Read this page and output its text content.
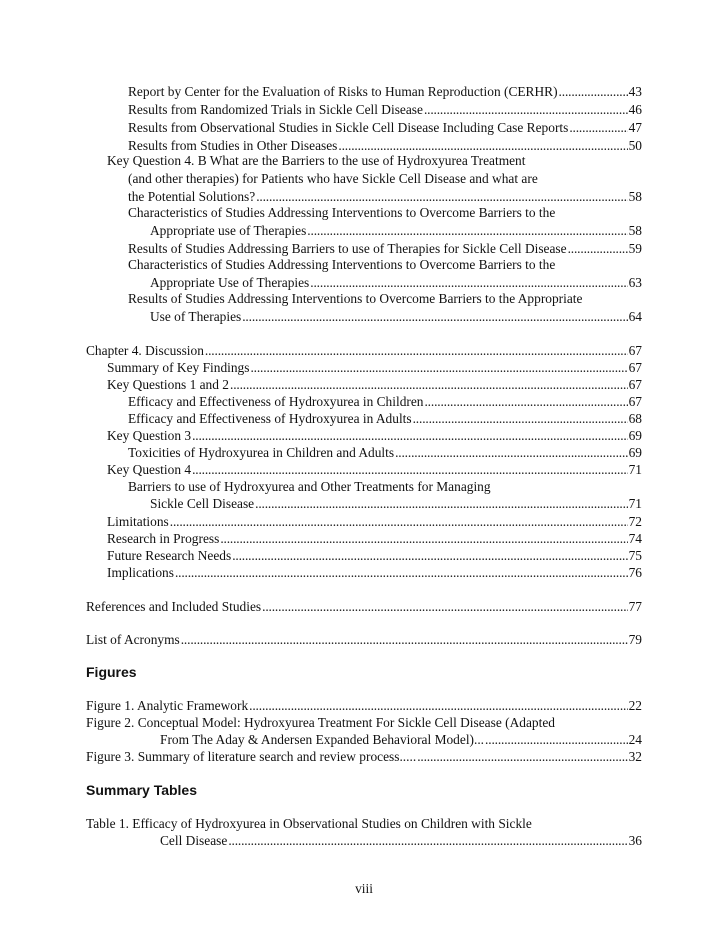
Report by Center for the Evaluation of Risks to Human Reproduction (CERHR) . . .	43
Results from Randomized Trials in Sickle Cell Disease . . .	46
Results from Observational Studies in Sickle Cell Disease Including Case Reports . . .	47
Results from Studies in Other Diseases . . .	50
Key Question 4. B What are the Barriers to the use of Hydroxyurea Treatment
(and other therapies) for Patients who have Sickle Cell Disease and what are
the Potential Solutions? . . .	58
Characteristics of Studies Addressing Interventions to Overcome Barriers to the
Appropriate use of Therapies . . .	58
Results of Studies Addressing Barriers to use of Therapies for Sickle Cell Disease . . .	59
Characteristics of Studies Addressing Interventions to Overcome Barriers to the
Appropriate Use of Therapies . . .	63
Results of Studies Addressing Interventions to Overcome Barriers to the Appropriate
Use of Therapies . . .	64
Chapter 4. Discussion . . .	67
Summary of Key Findings . . .	67
Key Questions 1 and 2 . . .	67
Efficacy and Effectiveness of Hydroxyurea in Children . . .	67
Efficacy and Effectiveness of Hydroxyurea in Adults . . .	68
Key Question 3 . . .	69
Toxicities of Hydroxyurea in Children and Adults . . .	69
Key Question 4 . . .	71
Barriers to use of Hydroxyurea and Other Treatments for Managing
Sickle Cell Disease . . .	71
Limitations . . .	72
Research in Progress . . .	74
Future Research Needs . . .	75
Implications . . .	76
References and Included Studies . . .	77
List of Acronyms . . .	79
Figures
Figure 1. Analytic Framework . . .	22
Figure 2. Conceptual Model: Hydroxyurea Treatment For Sickle Cell Disease (Adapted
From The Aday & Andersen Expanded Behavioral Model)... . . .	24
Figure 3. Summary of literature search and review process..... . . .	32
Summary Tables
Table 1. Efficacy of Hydroxyurea in Observational Studies on Children with Sickle
Cell Disease . . .	36
viii
